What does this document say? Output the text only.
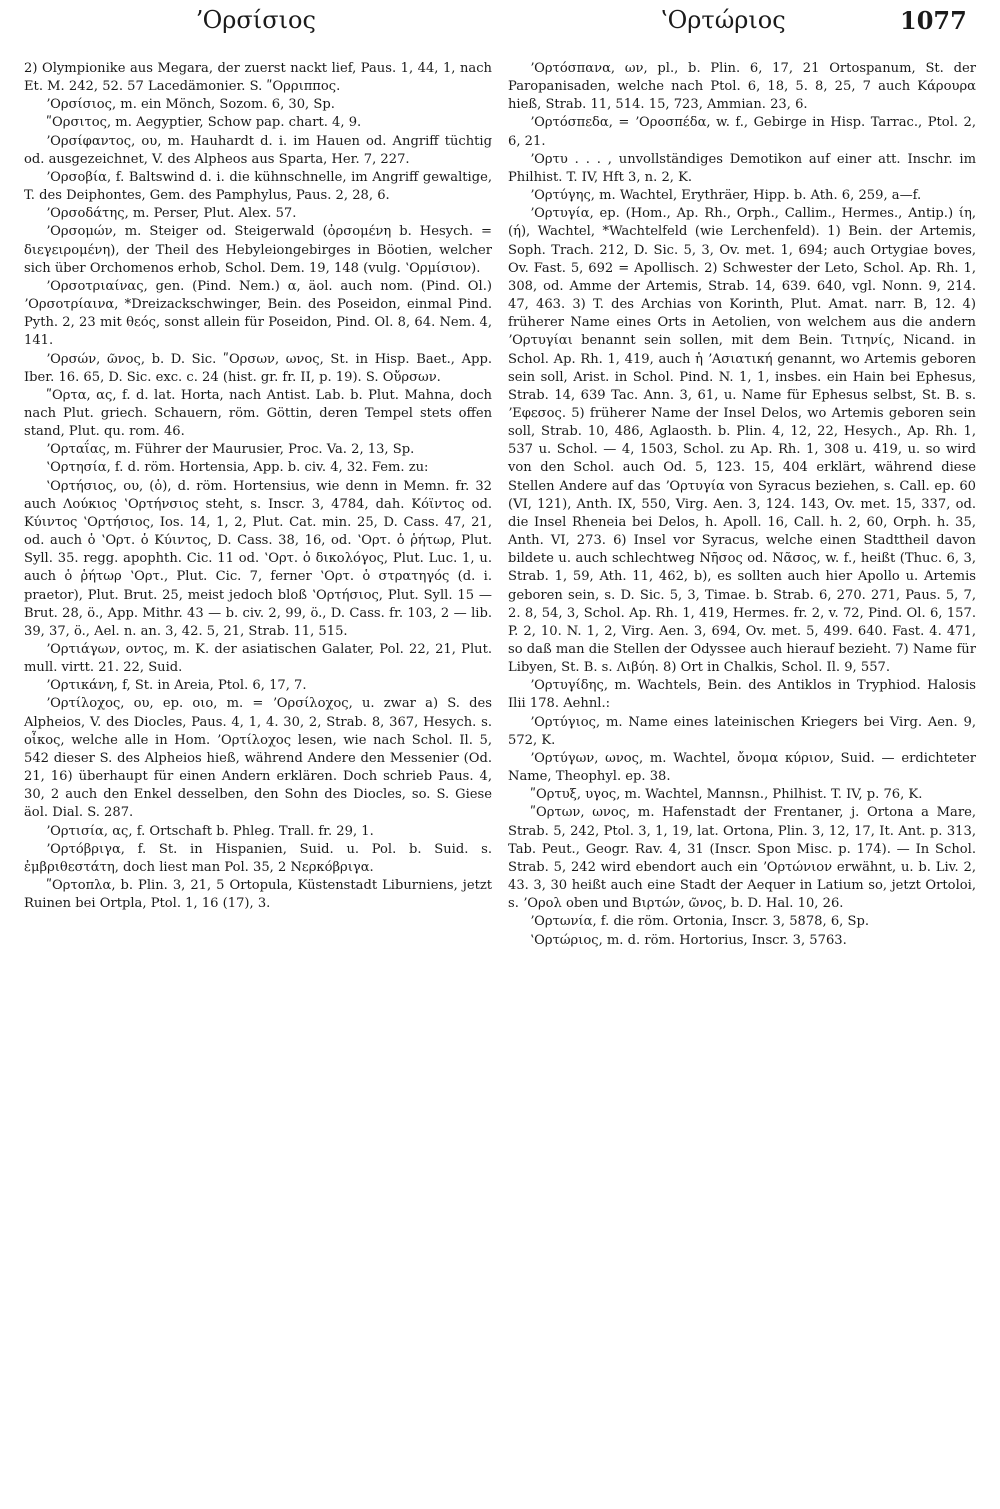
ʼΟρσίσιος	ʽΟρτώριος	1077

2) Olympionike aus Megara, der zuerst nackt lief, Paus. 1, 44, 1, nach Et. M. 242, 52. 57 Lacedämonier. S. ʺΟρριππος.

ʼΟρσίσιος, m. ein Mönch, Sozom. 6, 30, Sp.

ʺΟρσιτος, m. Aegyptier, Schow pap. chart. 4, 9.

ʼΟρσίφαντος, ου, m. Hauhardt d. i. im Hauen od. Angriff tüchtig od. ausgezeichnet, V. des Alpheos aus Sparta, Her. 7, 227.

ʼΟρσοβία, f. Baltswind d. i. die kühnschnelle, im Angriff gewaltige, T. des Deiphontes, Gem. des Pamphylus, Paus. 2, 28, 6.

ʼΟρσοδάτης, m. Perser, Plut. Alex. 57.

ʼΟρσομών, m. Steiger od. Steigerwald (ὀρσομένη b. Hesych. = διεγειρομένη), der Theil des Hebyleiongebirges in Böotien, welcher sich über Orchomenos erhob, Schol. Dem. 19, 148 (vulg. ʽΟρμίσιον).

ʼΟρσοτριαίνας, gen. (Pind. Nem.) α, äol. auch nom. (Pind. Ol.) ʼΟρσοτρίαινα, *Dreizackschwinger, Bein. des Poseidon, einmal Pind. Pyth. 2, 23 mit θεός, sonst allein für Poseidon, Pind. Ol. 8, 64. Nem. 4, 141.

ʼΟρσών, ῶνος, b. D. Sic. ʺΟρσων, ωνος, St. in Hisp. Baet., App. Iber. 16. 65, D. Sic. exc. c. 24 (hist. gr. fr. II, p. 19). S. Οὔρσων.

ʺΟρτα, ας, f. d. lat. Horta, nach Antist. Lab. b. Plut. Mahna, doch nach Plut. griech. Schauern, röm. Göttin, deren Tempel stets offen stand, Plut. qu. rom. 46.

ʼΟρταΐας, m. Führer der Maurusier, Proc. Va. 2, 13, Sp.

ʽΟρτησία, f. d. röm. Hortensia, App. b. civ. 4, 32. Fem. zu:

ʽΟρτήσιος, ου, (ὁ), d. röm. Hortensius, wie denn in Memn. fr. 32 auch Λούκιος ʽΟρτήνσιος steht, s. Inscr. 3, 4784, dah. Κόϊντος od. Κύιντος ʽΟρτήσιος, Ios. 14, 1, 2, Plut. Cat. min. 25, D. Cass. 47, 21, od. auch ὁ ʽΟρτ. ὁ Κύιντος, D. Cass. 38, 16, od. ʽΟρτ. ὁ ῥήτωρ, Plut. Syll. 35. regg. apophth. Cic. 11 od. ʽΟρτ. ὁ δικολόγος, Plut. Luc. 1, u. auch ὁ ῥήτωρ ʽΟρτ., Plut. Cic. 7, ferner ʽΟρτ. ὁ στρατηγός (d. i. praetor), Plut. Brut. 25, meist jedoch bloß ʽΟρτήσιος, Plut. Syll. 15 — Brut. 28, ö., App. Mithr. 43 — b. civ. 2, 99, ö., D. Cass. fr. 103, 2 — lib. 39, 37, ö., Ael. n. an. 3, 42. 5, 21, Strab. 11, 515.

ʼΟρτιάγων, οντος, m. K. der asiatischen Galater, Pol. 22, 21, Plut. mull. virtt. 21. 22, Suid.

ʼΟρτικάνη, f, St. in Areia, Ptol. 6, 17, 7.

ʼΟρτίλοχος, ου, ep. οιο, m. = ʼΟρσίλοχος, u. zwar a) S. des Alpheios, V. des Diocles, Paus. 4, 1, 4. 30, 2, Strab. 8, 367, Hesych. s. οἶκος, welche alle in Hom. ʼΟρτίλοχος lesen, wie nach Schol. Il. 5, 542 dieser S. des Alpheios hieß, während Andere den Messenier (Od. 21, 16) überhaupt für einen Andern erklären. Doch schrieb Paus. 4, 30, 2 auch den Enkel desselben, den Sohn des Diocles, so. S. Giese äol. Dial. S. 287.

ʼΟρτισία, ας, f. Ortschaft b. Phleg. Trall. fr. 29, 1.

ʼΟρτόβριγα, f. St. in Hispanien, Suid. u. Pol. b. Suid. s. ἐμβριθεστάτη, doch liest man Pol. 35, 2 Νερκόβριγα.

ʺΟρτοπλα, b. Plin. 3, 21, 5 Ortopula, Küstenstadt Liburniens, jetzt Ruinen bei Ortpla, Ptol. 1, 16 (17), 3.

ʼΟρτόσπανα, ων, pl., b. Plin. 6, 17, 21 Ortospanum, St. der Paropanisaden, welche nach Ptol. 6, 18, 5. 8, 25, 7 auch Κάρουρα hieß, Strab. 11, 514. 15, 723, Ammian. 23, 6.

ʼΟρτόσπεδα, = ʼΟροσπέδα, w. f., Gebirge in Hisp. Tarrac., Ptol. 2, 6, 21.

ʼΟρτυ . . . , unvollständiges Demotikon auf einer att. Inschr. im Philhist. T. IV, Hft 3, n. 2, K.

ʼΟρτύγης, m. Wachtel, Erythräer, Hipp. b. Ath. 6, 259, a—f.

ʼΟρτυγία, ep. (Hom., Ap. Rh., Orph., Callim., Hermes., Antip.) ίη, (ή), Wachtel, *Wachtelfeld (wie Lerchenfeld). 1) Bein. der Artemis, Soph. Trach. 212, D. Sic. 5, 3, Ov. met. 1, 694; auch Ortygiae boves, Ov. Fast. 5, 692 = Apollisch. 2) Schwester der Leto, Schol. Ap. Rh. 1, 308, od. Amme der Artemis, Strab. 14, 639. 640, vgl. Nonn. 9, 214. 47, 463. 3) T. des Archias von Korinth, Plut. Amat. narr. B, 12. 4) früherer Name eines Orts in Aetolien, von welchem aus die andern ʼΟρτυγίαι benannt sein sollen, mit dem Bein. Τιτηνίς, Nicand. in Schol. Ap. Rh. 1, 419, auch ἡ ʼΑσιατική genannt, wo Artemis geboren sein soll, Arist. in Schol. Pind. N. 1, 1, insbes. ein Hain bei Ephesus, Strab. 14, 639 Tac. Ann. 3, 61, u. Name für Ephesus selbst, St. B. s. ʼΕφεσος. 5) früherer Name der Insel Delos, wo Artemis geboren sein soll, Strab. 10, 486, Aglaosth. b. Plin. 4, 12, 22, Hesych., Ap. Rh. 1, 537 u. Schol. — 4, 1503, Schol. zu Ap. Rh. 1, 308 u. 419, u. so wird von den Schol. auch Od. 5, 123. 15, 404 erklärt, während diese Stellen Andere auf das ʼΟρτυγία von Syracus beziehen, s. Call. ep. 60 (VI, 121), Anth. IX, 550, Virg. Aen. 3, 124. 143, Ov. met. 15, 337, od. die Insel Rheneia bei Delos, h. Apoll. 16, Call. h. 2, 60, Orph. h. 35, Anth. VI, 273. 6) Insel vor Syracus, welche einen Stadttheil davon bildete u. auch schlechtweg Νῆσος od. Νᾶσος, w. f., heißt (Thuc. 6, 3, Strab. 1, 59, Ath. 11, 462, b), es sollten auch hier Apollo u. Artemis geboren sein, s. D. Sic. 5, 3, Timae. b. Strab. 6, 270. 271, Paus. 5, 7, 2. 8, 54, 3, Schol. Ap. Rh. 1, 419, Hermes. fr. 2, v. 72, Pind. Ol. 6, 157. P. 2, 10. N. 1, 2, Virg. Aen. 3, 694, Ov. met. 5, 499. 640. Fast. 4. 471, so daß man die Stellen der Odyssee auch hierauf bezieht. 7) Name für Libyen, St. B. s. Λιβύη. 8) Ort in Chalkis, Schol. Il. 9, 557.

ʼΟρτυγίδης, m. Wachtels, Bein. des Antiklos in Tryphiod. Halosis Ilii 178. Aehnl.:

ʼΟρτύγιος, m. Name eines lateinischen Kriegers bei Virg. Aen. 9, 572, K.

ʼΟρτύγων, ωνος, m. Wachtel, ὄνομα κύριον, Suid. — erdichteter Name, Theophyl. ep. 38.

ʺΟρτυξ, υγος, m. Wachtel, Mannsn., Philhist. T. IV, p. 76, K.

ʺΟρτων, ωνος, m. Hafenstadt der Frentaner, j. Ortona a Mare, Strab. 5, 242, Ptol. 3, 1, 19, lat. Ortona, Plin. 3, 12, 17, It. Ant. p. 313, Tab. Peut., Geogr. Rav. 4, 31 (Inscr. Spon Misc. p. 174). — In Schol. Strab. 5, 242 wird ebendort auch ein ʼΟρτώνιον erwähnt, u. b. Liv. 2, 43. 3, 30 heißt auch eine Stadt der Aequer in Latium so, jetzt Ortoloi, s. ʼΟρολ oben und Βιρτών, ῶνος, b. D. Hal. 10, 26.

ʼΟρτωνία, f. die röm. Ortonia, Inscr. 3, 5878, 6, Sp.

ʽΟρτώριος, m. d. röm. Hortorius, Inscr. 3, 5763.
